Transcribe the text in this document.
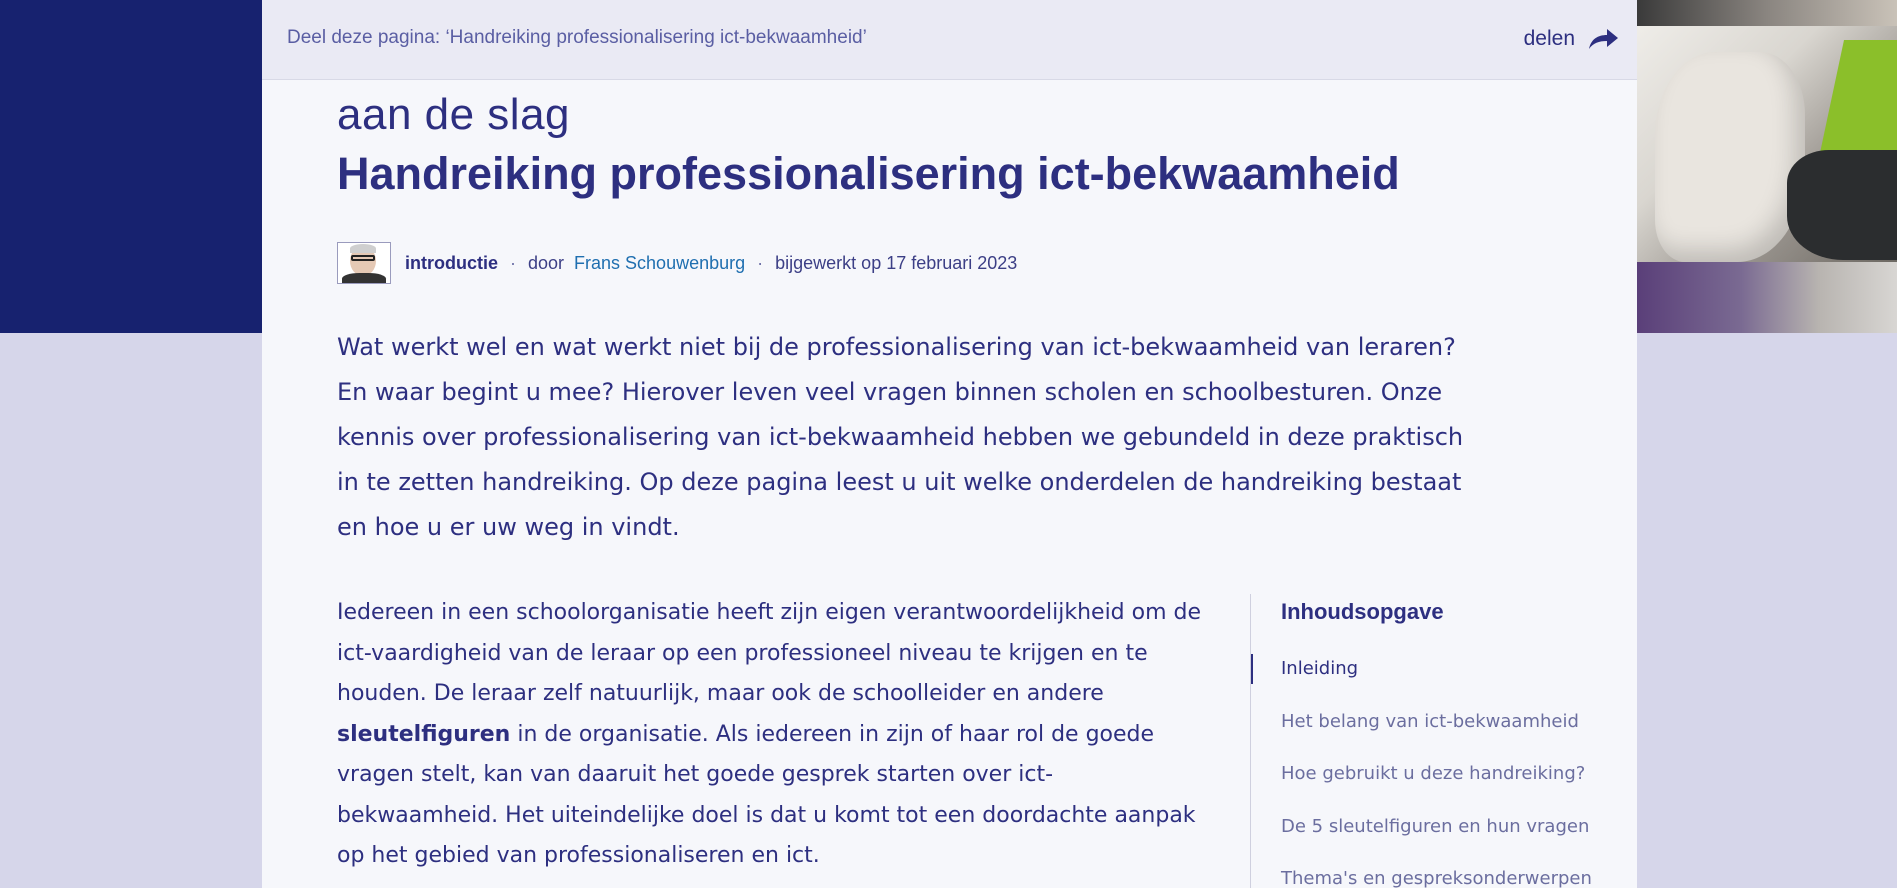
Deel deze pagina: ‘Handreiking professionalisering ict-bekwaamheid’	delen
aan de slag
Handreiking professionalisering ict-bekwaamheid
introductie · door Frans Schouwenburg · bijgewerkt op 17 februari 2023

Wat werkt wel en wat werkt niet bij de professionalisering van ict-bekwaamheid van leraren? En waar begint u mee? Hierover leven veel vragen binnen scholen en schoolbesturen. Onze kennis over professionalisering van ict-bekwaamheid hebben we gebundeld in deze praktisch in te zetten handreiking. Op deze pagina leest u uit welke onderdelen de handreiking bestaat en hoe u er uw weg in vindt.

Iedereen in een schoolorganisatie heeft zijn eigen verantwoordelijkheid om de ict-vaardigheid van de leraar op een professioneel niveau te krijgen en te houden. De leraar zelf natuurlijk, maar ook de schoolleider en andere sleutelfiguren in de organisatie. Als iedereen in zijn of haar rol de goede vragen stelt, kan van daaruit het goede gesprek starten over ict-bekwaamheid. Het uiteindelijke doel is dat u komt tot een doordachte aanpak op het gebied van professionaliseren en ict.

Inhoudsopgave
Inleiding
Het belang van ict-bekwaamheid
Hoe gebruikt u deze handreiking?
De 5 sleutelfiguren en hun vragen
Thema's en gespreksonderwerpen
